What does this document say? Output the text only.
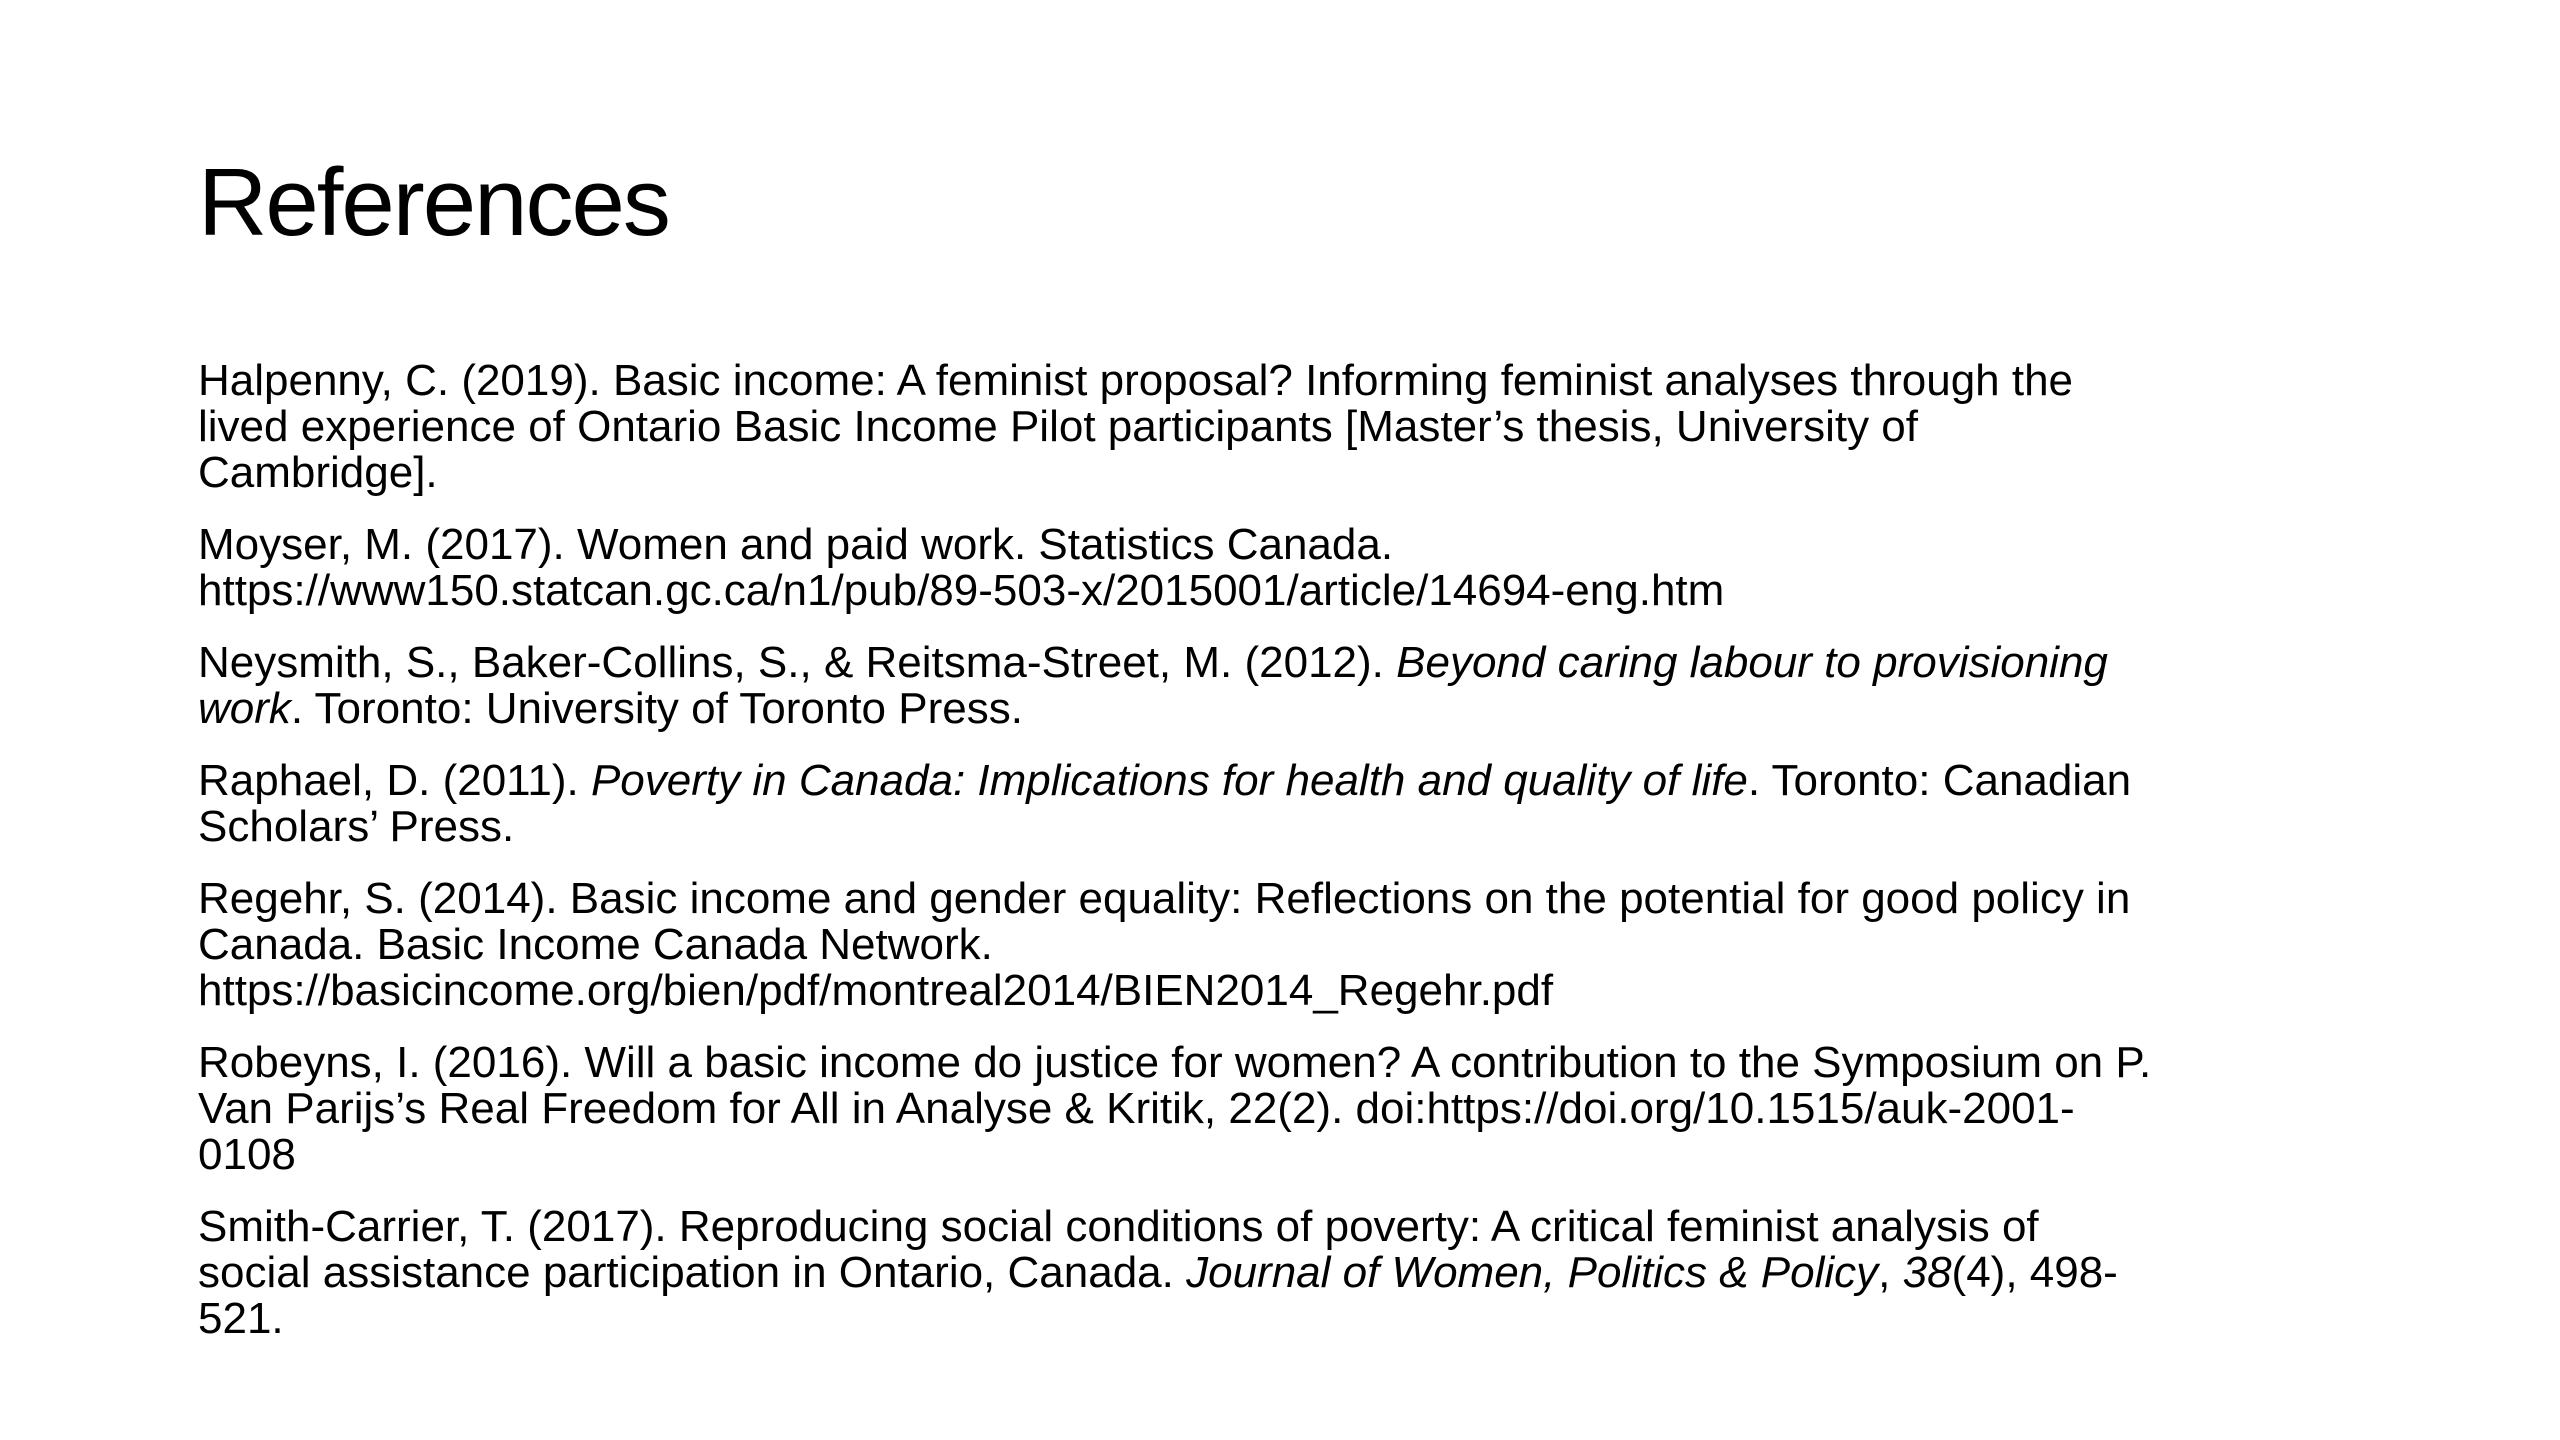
References
Halpenny, C. (2019). Basic income: A feminist proposal? Informing feminist analyses through the
lived experience of Ontario Basic Income Pilot participants [Master’s thesis, University of
Cambridge].
Moyser, M. (2017). Women and paid work. Statistics Canada.
https://www150.statcan.gc.ca/n1/pub/89-503-x/2015001/article/14694-eng.htm
Neysmith, S., Baker-Collins, S., & Reitsma-Street, M. (2012). Beyond caring labour to provisioning
work. Toronto: University of Toronto Press.
Raphael, D. (2011). Poverty in Canada: Implications for health and quality of life. Toronto: Canadian
Scholars’ Press.
Regehr, S. (2014). Basic income and gender equality: Reflections on the potential for good policy in
Canada. Basic Income Canada Network.
https://basicincome.org/bien/pdf/montreal2014/BIEN2014_Regehr.pdf
Robeyns, I. (2016). Will a basic income do justice for women? A contribution to the Symposium on P.
Van Parijs’s Real Freedom for All in Analyse & Kritik, 22(2). doi:https://doi.org/10.1515/auk-2001-
0108
Smith-Carrier, T. (2017). Reproducing social conditions of poverty: A critical feminist analysis of
social assistance participation in Ontario, Canada. Journal of Women, Politics & Policy, 38(4), 498-
521.
